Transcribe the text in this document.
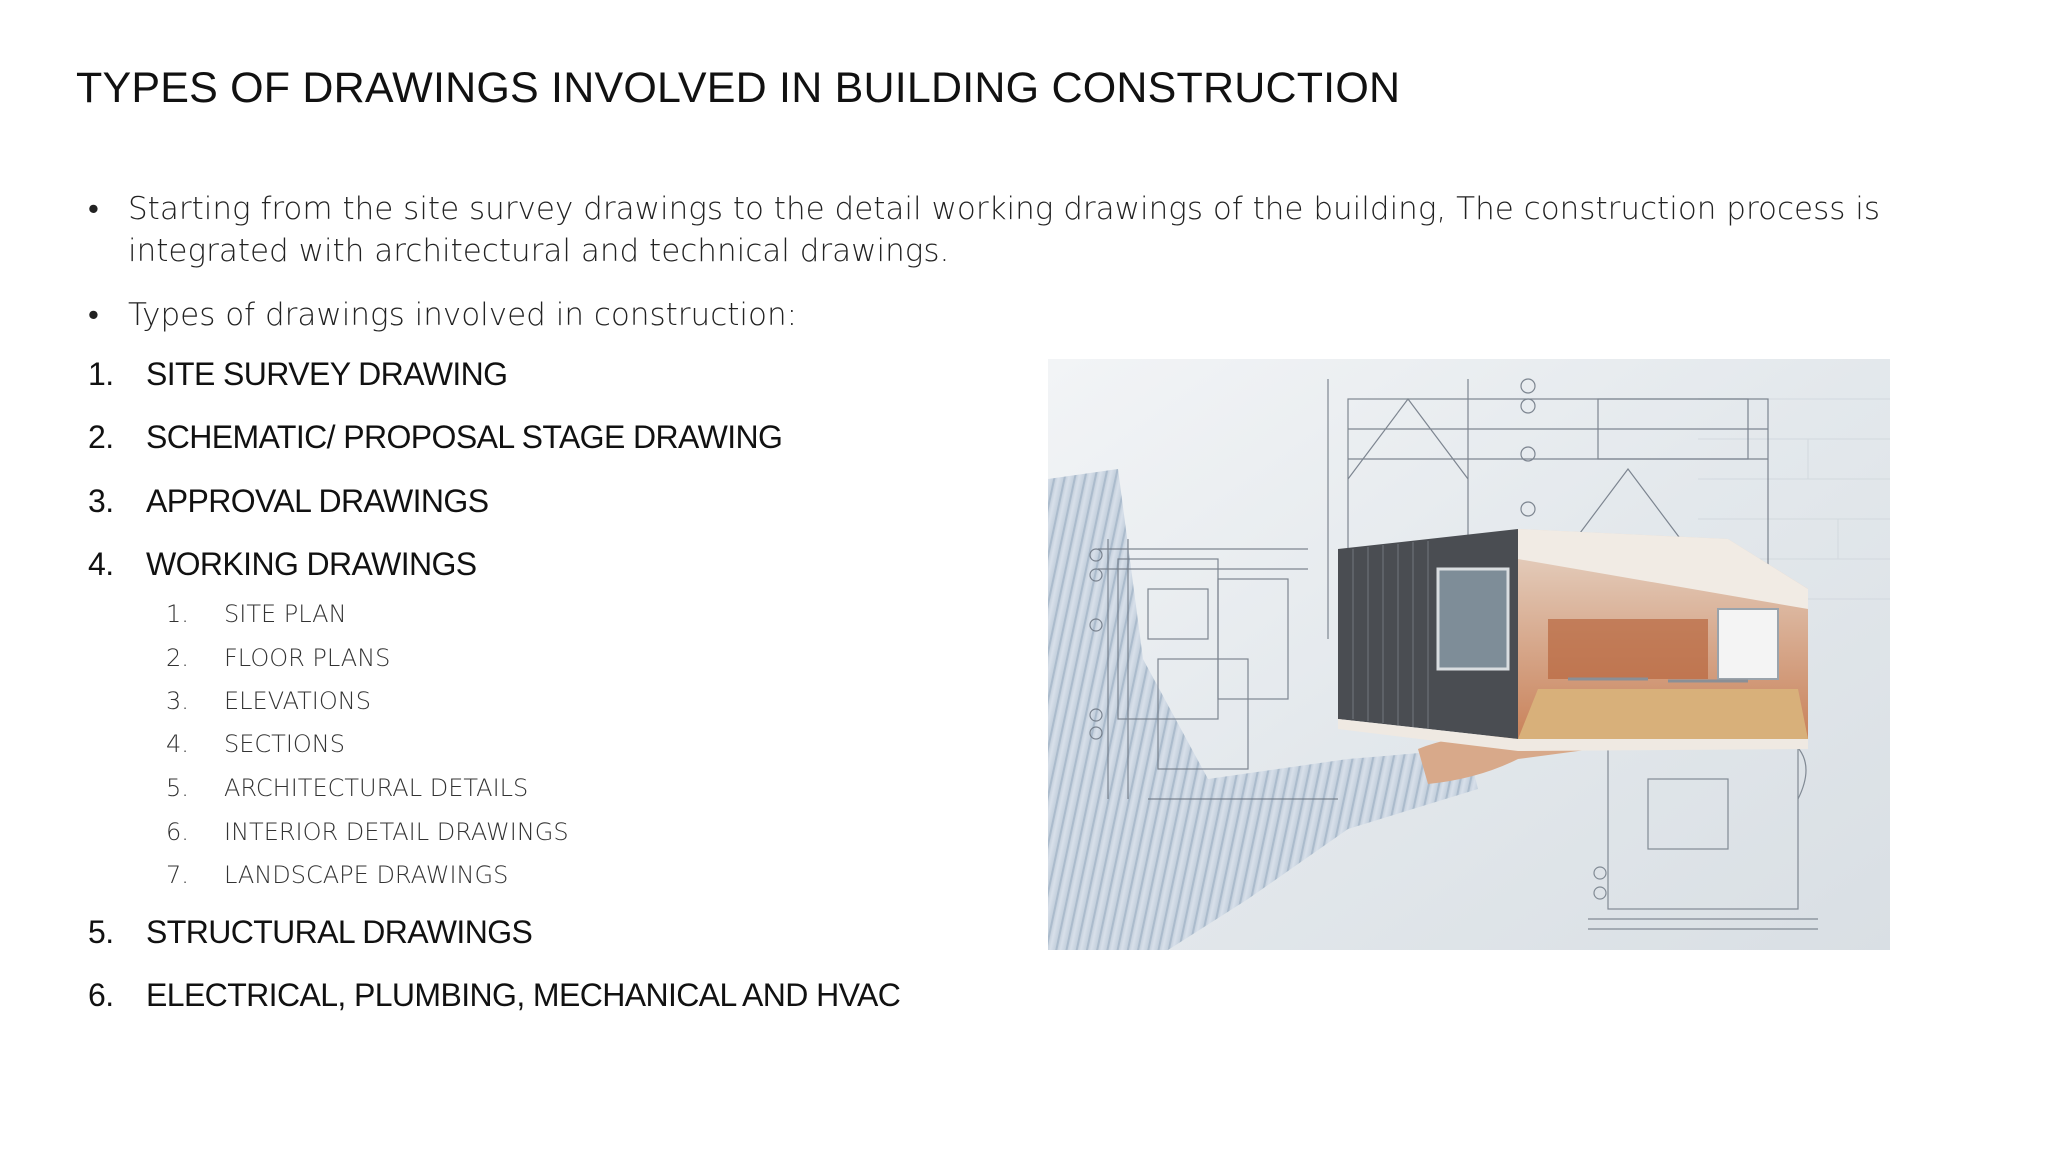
TYPES OF DRAWINGS INVOLVED IN BUILDING CONSTRUCTION
• Starting from the site survey drawings to the detail working drawings of the building, The construction process is integrated with architectural and technical drawings.
• Types of drawings involved in construction:
1. SITE SURVEY DRAWING
2. SCHEMATIC/ PROPOSAL STAGE DRAWING
3. APPROVAL DRAWINGS
4. WORKING DRAWINGS
1. SITE PLAN
2. FLOOR PLANS
3. ELEVATIONS
4. SECTIONS
5. ARCHITECTURAL DETAILS
6. INTERIOR DETAIL DRAWINGS
7. LANDSCAPE DRAWINGS
5. STRUCTURAL DRAWINGS
6. ELECTRICAL, PLUMBING, MECHANICAL AND HVAC
